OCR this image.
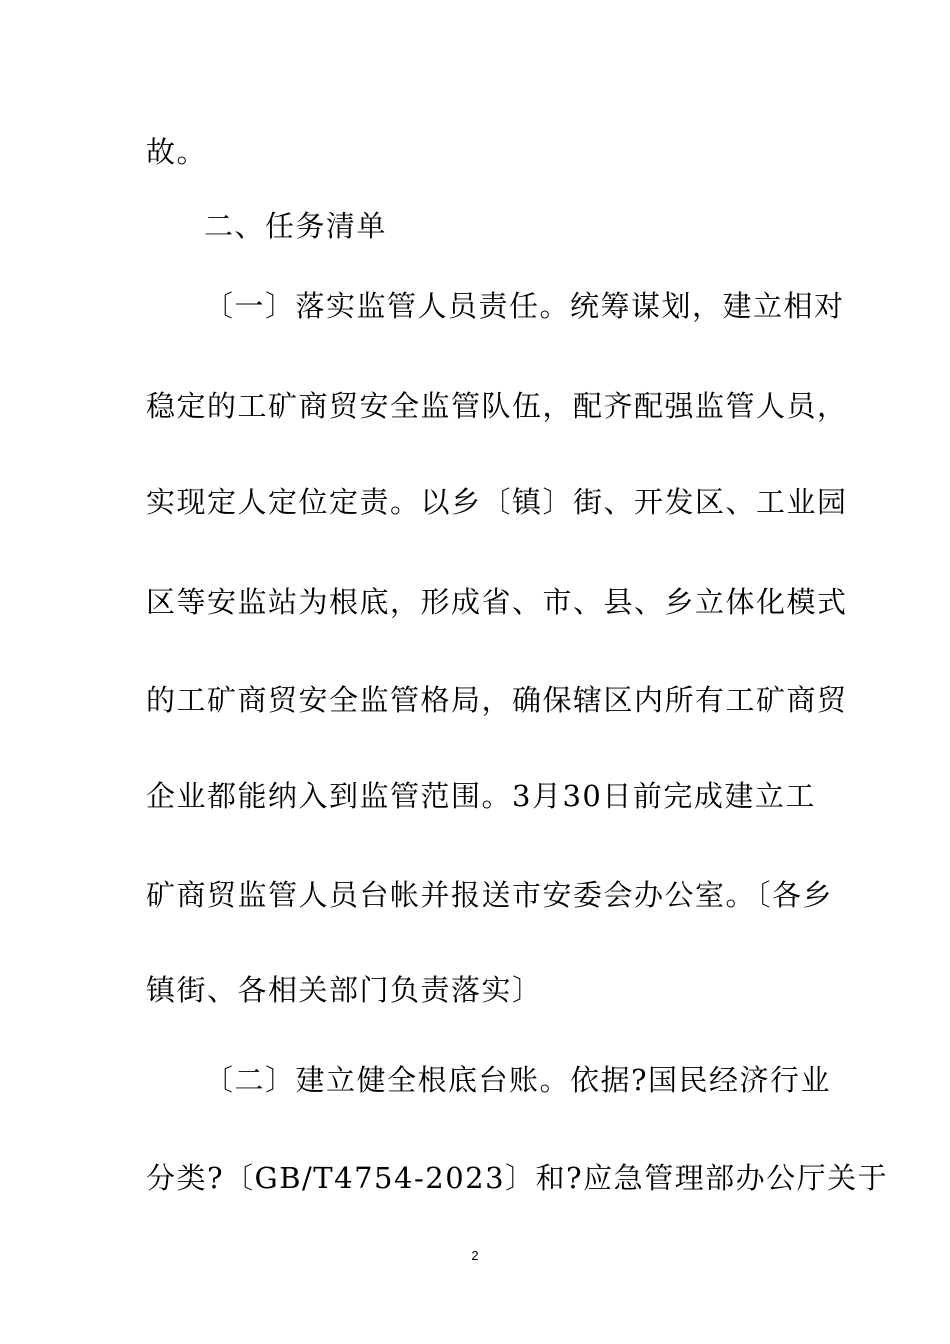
故。
二、任务清单
〔一〕落实监管人员责任。统筹谋划，建立相对
稳定的工矿商贸安全监管队伍，配齐配强监管人员，
实现定人定位定责。以乡〔镇〕街、开发区、工业园
区等安监站为根底，形成省、市、县、乡立体化模式
的工矿商贸安全监管格局，确保辖区内所有工矿商贸
企业都能纳入到监管范围。3月30日前完成建立工
矿商贸监管人员台帐并报送市安委会办公室。〔各乡
镇街、各相关部门负责落实〕
〔二〕建立健全根底台账。依据?国民经济行业
分类?〔GB/T4754-2023〕和?应急管理部办公厅关于
2
